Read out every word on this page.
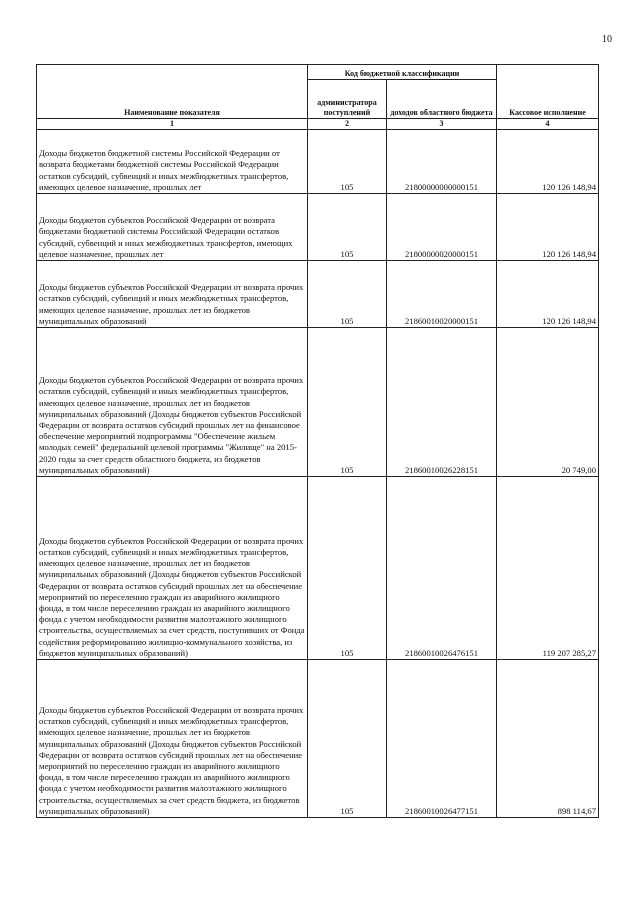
10
Наименование показателя	Код бюджетной классификации		Кассовое исполнение
	администратора поступлений	доходов областного бюджета	
1	2	3	4
Доходы бюджетов бюджетной системы Российской Федерации от возврата бюджетами бюджетной системы Российской Федерации остатков субсидий, субвенций и иных межбюджетных трансфертов, имеющих целевое назначение, прошлых лет	105	21800000000000151	120 126 148,94
Доходы бюджетов субъектов Российской Федерации от возврата бюджетами бюджетной системы Российской Федерации остатков субсидий, субвенций и иных межбюджетных трансфертов, имеющих целевое назначение, прошлых лет	105	21800000020000151	120 126 148,94
Доходы бюджетов субъектов Российской Федерации от возврата прочих остатков субсидий, субвенций и иных межбюджетных трансфертов, имеющих целевое назначение, прошлых лет из бюджетов муниципальных образований	105	21860010020000151	120 126 148,94
Доходы бюджетов субъектов Российской Федерации от возврата прочих остатков субсидий, субвенций и иных межбюджетных трансфертов, имеющих целевое назначение, прошлых лет из бюджетов муниципальных образований (Доходы бюджетов субъектов Российской Федерации от возврата остатков субсидий прошлых лет на финансовое обеспечение мероприятий подпрограммы "Обеспечение жильем молодых семей" федеральной целевой программы "Жилище" на 2015-2020 годы за счет средств областного бюджета, из бюджетов муниципальных образований)	105	21860010026228151	20 749,00
Доходы бюджетов субъектов Российской Федерации от возврата прочих остатков субсидий, субвенций и иных межбюджетных трансфертов, имеющих целевое назначение, прошлых лет из бюджетов муниципальных образований (Доходы бюджетов субъектов Российской Федерации от возврата остатков субсидий прошлых лет на обеспечение мероприятий по переселению граждан из аварийного жилищного фонда, в том числе переселению граждан из аварийного жилищного фонда с учетом необходимости развития малоэтажного жилищного строительства, осуществляемых за счет средств, поступивших от Фонда содействия реформированию жилищно-коммунального хозяйства, из бюджетов муниципальных образований)	105	21860010026476151	119 207 285,27
Доходы бюджетов субъектов Российской Федерации от возврата прочих остатков субсидий, субвенций и иных межбюджетных трансфертов, имеющих целевое назначение, прошлых лет из бюджетов муниципальных образований (Доходы бюджетов субъектов Российской Федерации от возврата остатков субсидий прошлых лет на обеспечение мероприятий по переселению граждан из аварийного жилищного фонда, в том числе переселению граждан из аварийного жилищного фонда с учетом необходимости развития малоэтажного жилищного строительства, осуществляемых за счет средств бюджета, из бюджетов муниципальных образований)	105	21860010026477151	898 114,67
